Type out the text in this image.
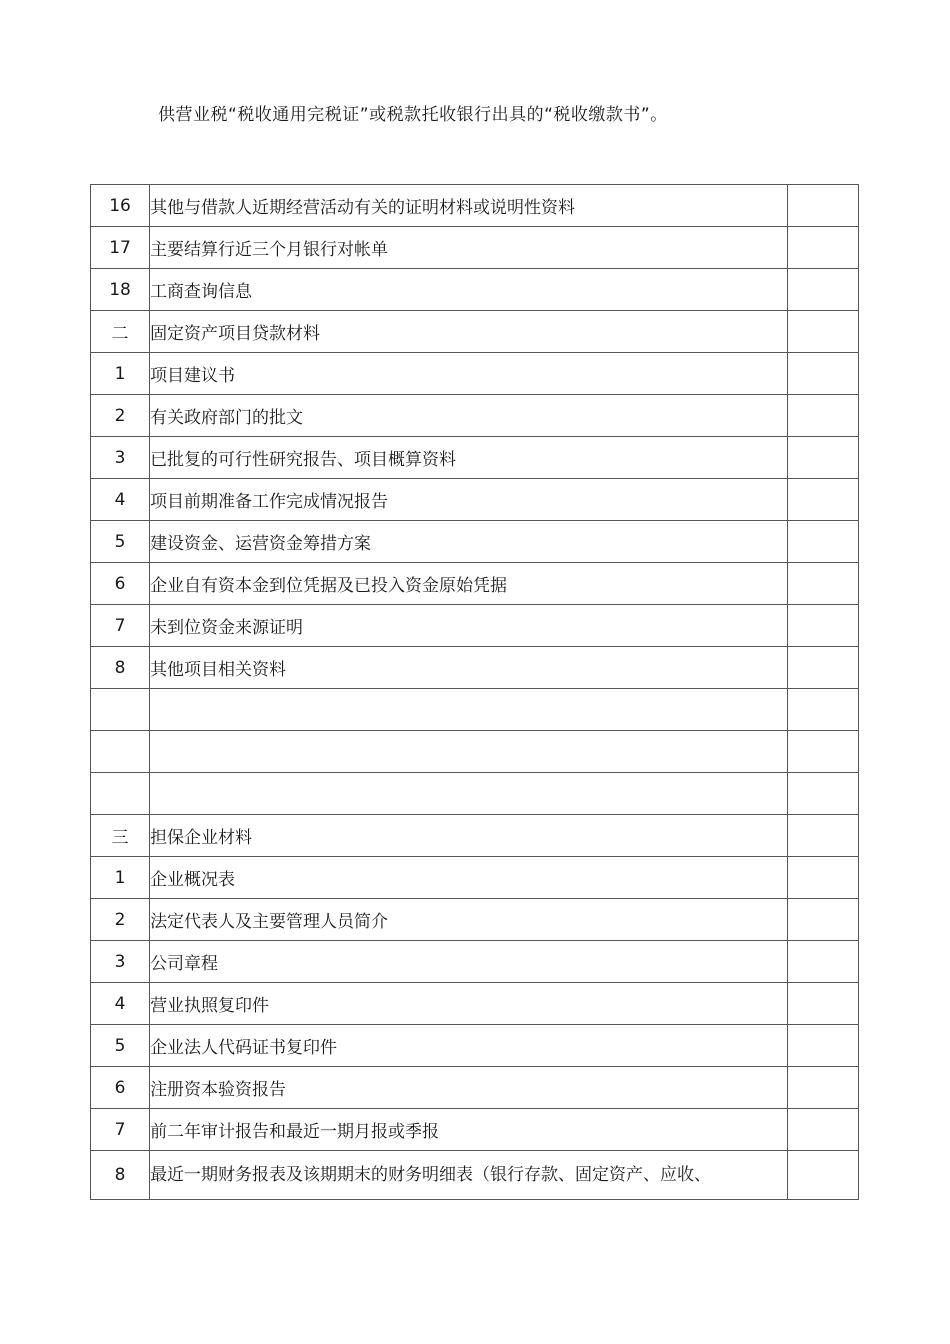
供营业税“税收通用完税证”或税款托收银行出具的“税收缴款书”。
16	其他与借款人近期经营活动有关的证明材料或说明性资料	
17	主要结算行近三个月银行对帐单	
18	工商查询信息	
二	固定资产项目贷款材料	
1	项目建议书	
2	有关政府部门的批文	
3	已批复的可行性研究报告、项目概算资料	
4	项目前期准备工作完成情况报告	
5	建设资金、运营资金筹措方案	
6	企业自有资本金到位凭据及已投入资金原始凭据	
7	未到位资金来源证明	
8	其他项目相关资料	

三	担保企业材料	
1	企业概况表	
2	法定代表人及主要管理人员简介	
3	公司章程	
4	营业执照复印件	
5	企业法人代码证书复印件	
6	注册资本验资报告	
7	前二年审计报告和最近一期月报或季报	
8	最近一期财务报表及该期期末的财务明细表（银行存款、固定资产、应收、	
